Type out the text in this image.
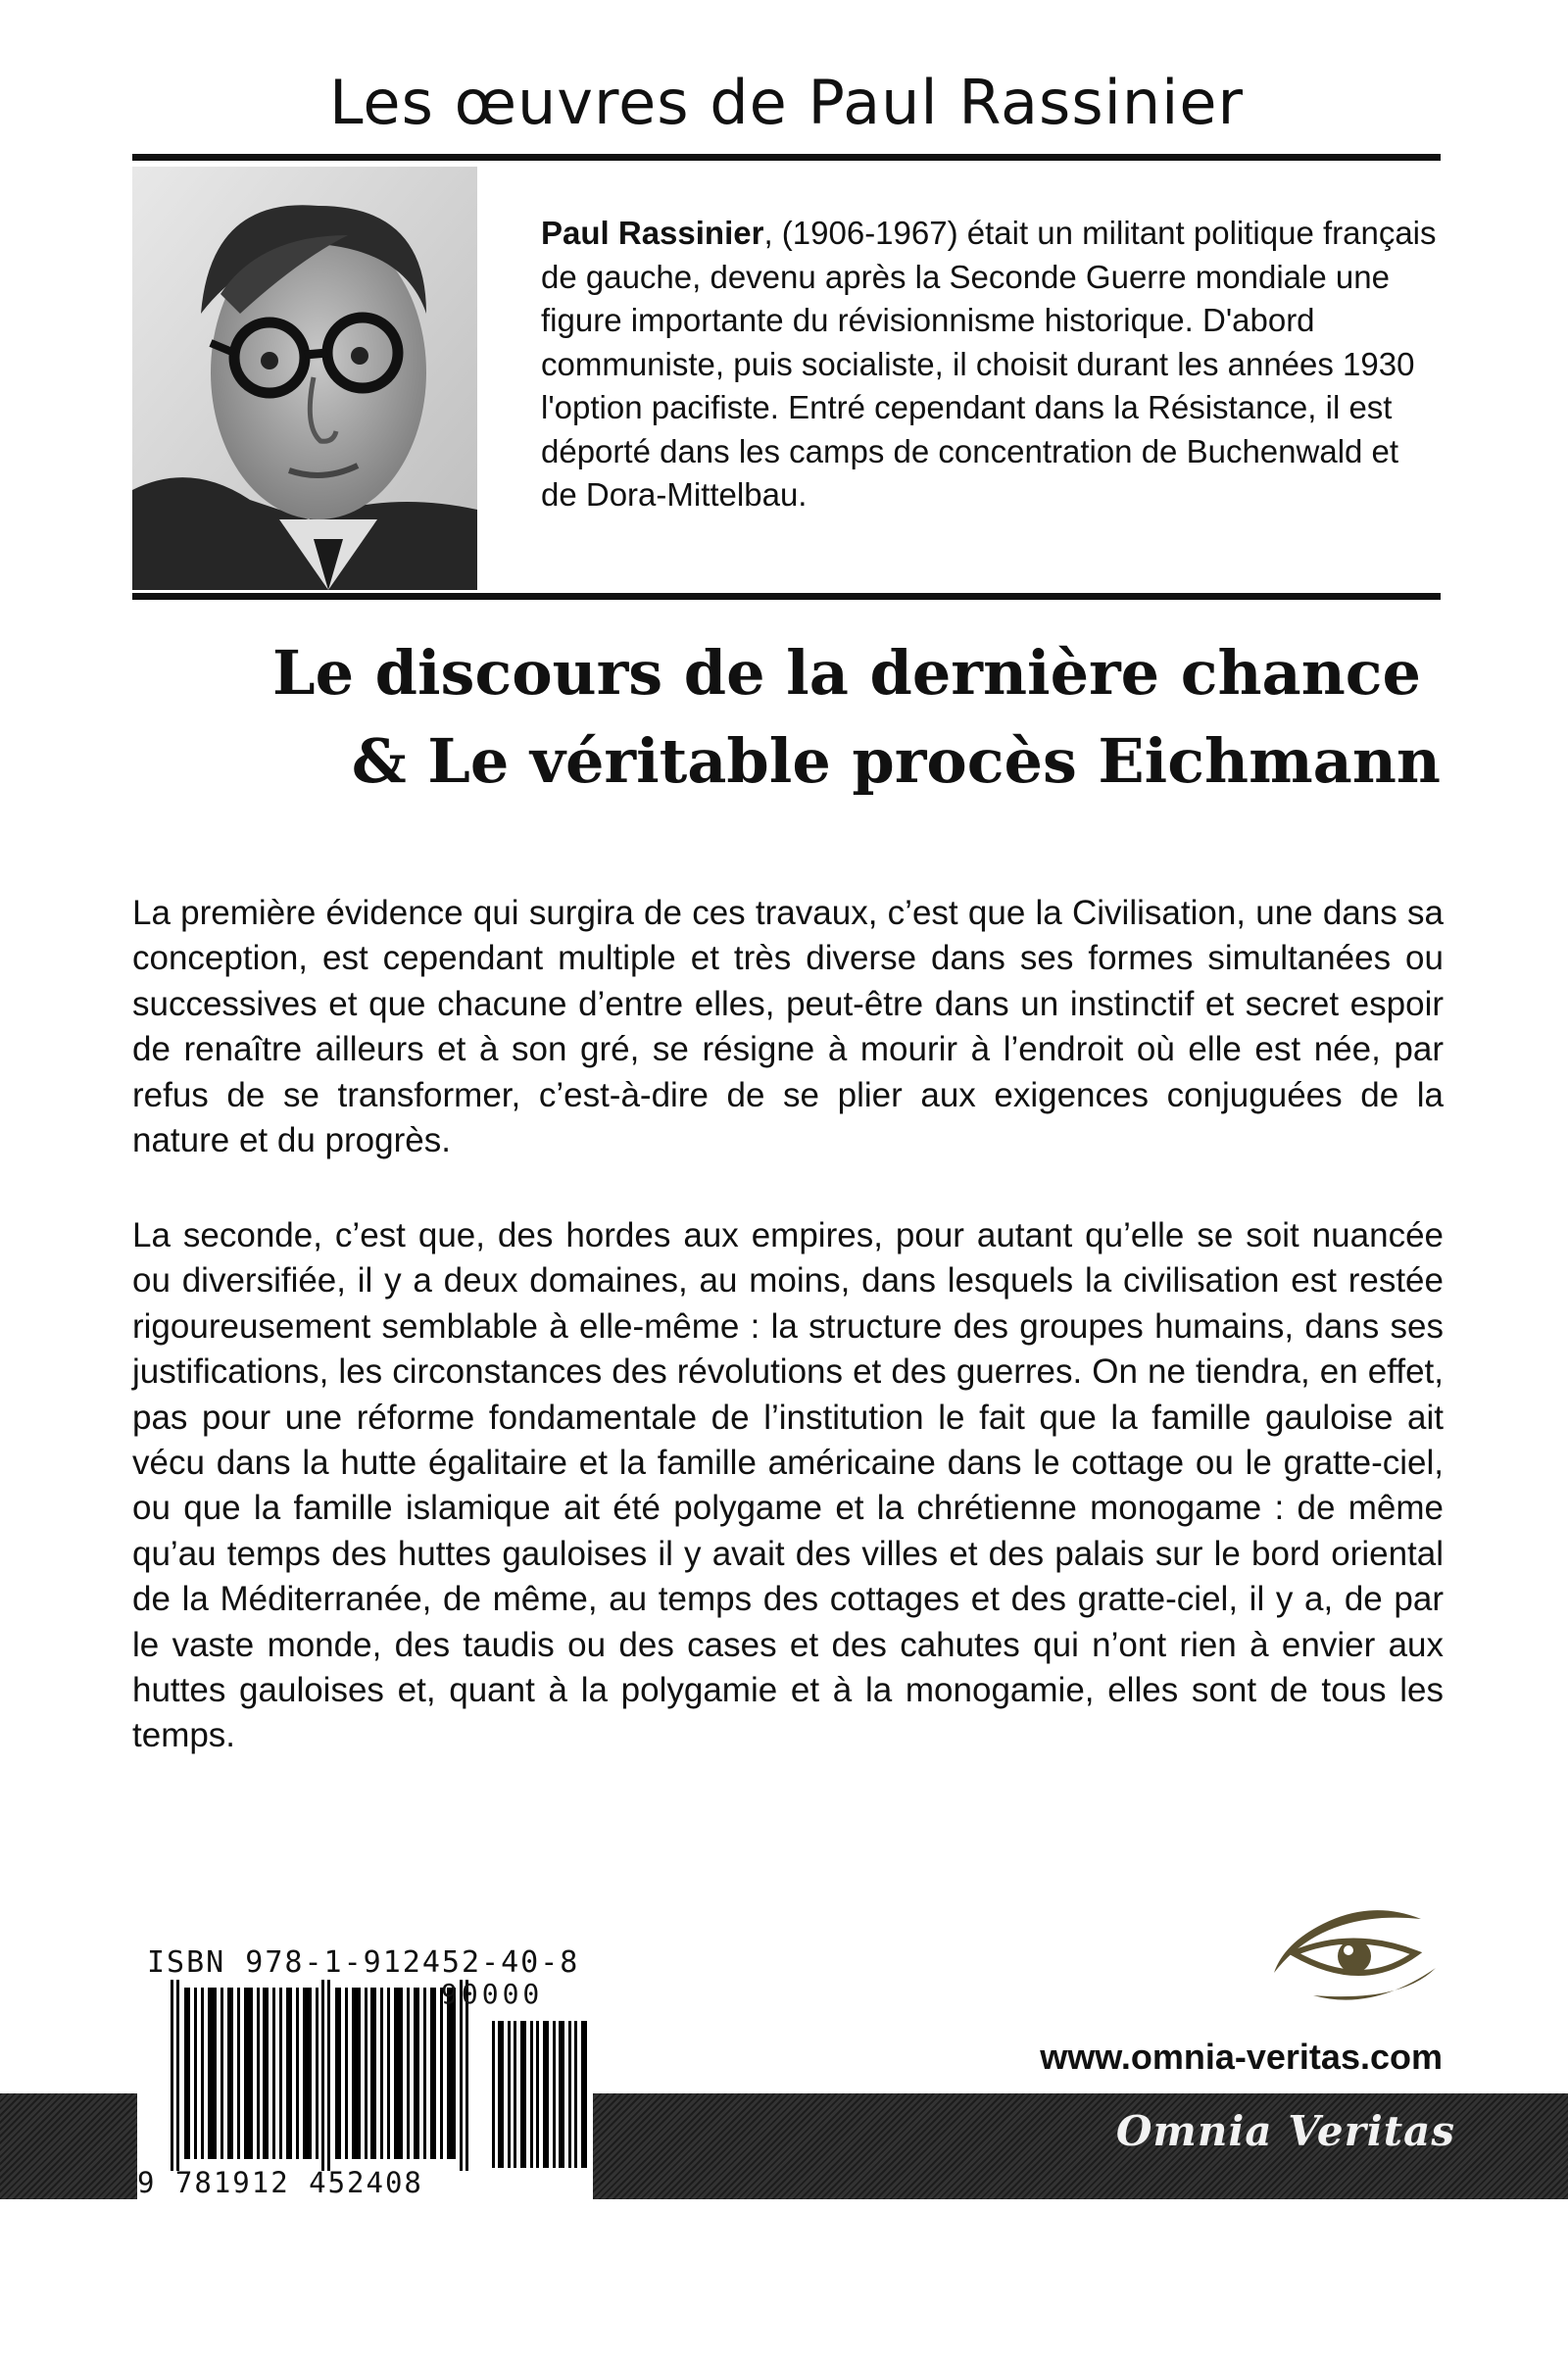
Les œuvres de Paul Rassinier
Paul Rassinier, (1906-1967) était un militant politique français de gauche, devenu après la Seconde Guerre mondiale une figure importante du révisionnisme historique. D'abord communiste, puis socialiste, il choisit durant les années 1930 l'option pacifiste. Entré cependant dans la Résistance, il est déporté dans les camps de concentration de Buchenwald et de Dora-Mittelbau.
Le discours de la dernière chance
& Le véritable procès Eichmann
La première évidence qui surgira de ces travaux, c’est que la Civilisation, une dans sa conception, est cependant multiple et très diverse dans ses formes simultanées ou successives et que chacune d’entre elles, peut-être dans un instinctif et secret espoir de renaître ailleurs et à son gré, se résigne à mourir à l’endroit où elle est née, par refus de se transformer, c’est-à-dire de se plier aux exigences conjuguées de la nature et du progrès.
La seconde, c’est que, des hordes aux empires, pour autant qu’elle se soit nuancée ou diversifiée, il y a deux domaines, au moins, dans lesquels la civilisation est restée rigoureusement semblable à elle-même : la structure des groupes humains, dans ses justifications, les circonstances des révolutions et des guerres. On ne tiendra, en effet, pas pour une réforme fondamentale de l’institution le fait que la famille gauloise ait vécu dans la hutte égalitaire et la famille américaine dans le cottage ou le gratte-ciel, ou que la famille islamique ait été polygame et la chrétienne monogame : de même qu’au temps des huttes gauloises il y avait des villes et des palais sur le bord oriental de la Méditerranée, de même, au temps des cottages et des gratte-ciel, il y a, de par le vaste monde, des taudis ou des cases et des cahutes qui n’ont rien à envier aux huttes gauloises et, quant à la polygamie et à la monogamie, elles sont de tous les temps.
ISBN 978-1-912452-40-8
90000
9 781912 452408
www.omnia-veritas.com
Omnia Veritas
